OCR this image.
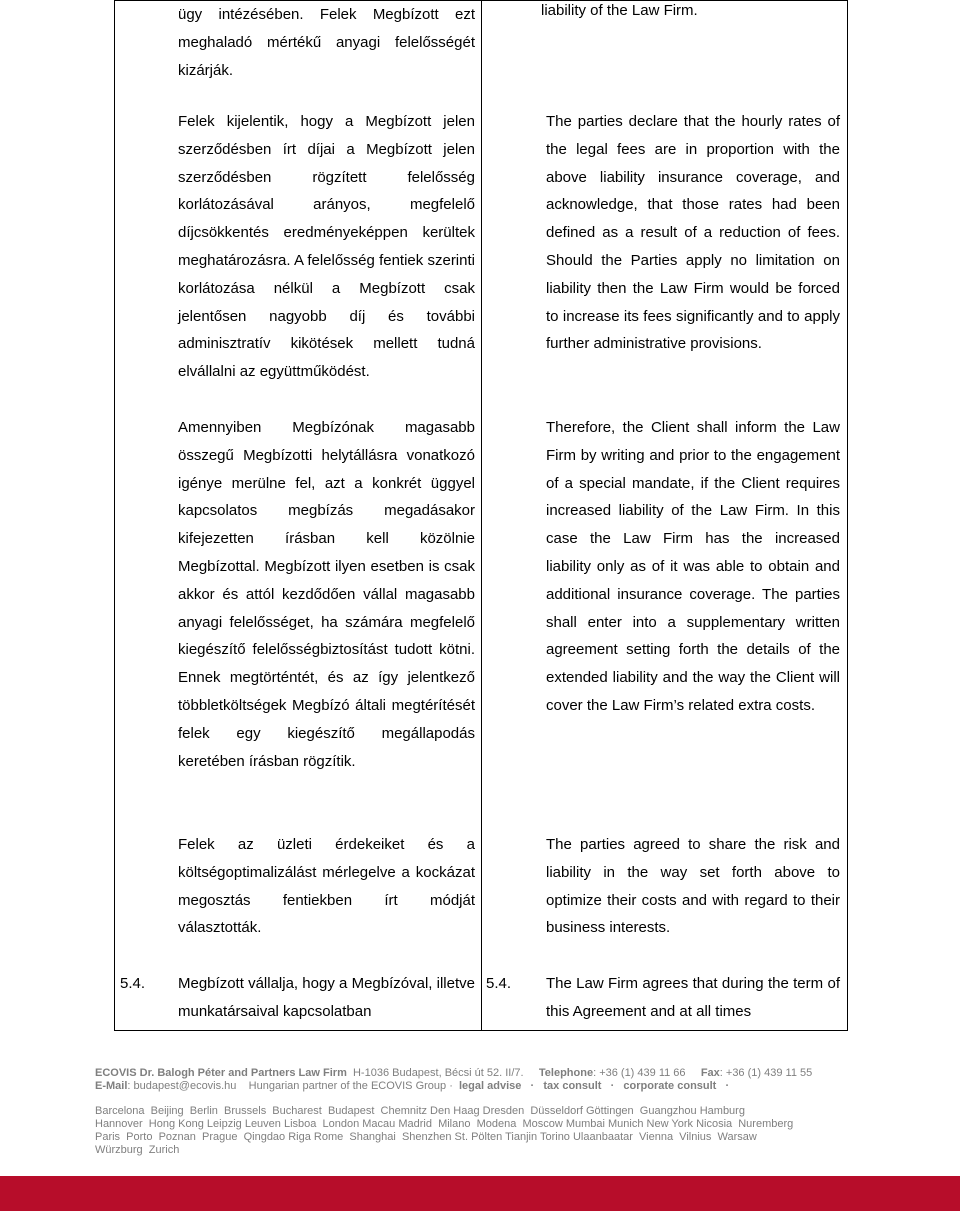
ügy intézésében. Felek Megbízott ezt meghaladó mértékű anyagi felelősségét kizárják.

Felek kijelentik, hogy a Megbízott jelen szerződésben írt díjai a Megbízott jelen szerződésben rögzített felelősség korlátozásával arányos, megfelelő díjcsökkentés eredményeképpen kerültek meghatározásra. A felelősség fentiek szerinti korlátozása nélkül a Megbízott csak jelentősen nagyobb díj és további adminisztratív kikötések mellett tudná elvállalni az együttműködést.

Amennyiben Megbízónak magasabb összegű Megbízotti helytállásra vonatkozó igénye merülne fel, azt a konkrét üggyel kapcsolatos megbízás megadásakor kifejezetten írásban kell közölnie Megbízottal. Megbízott ilyen esetben is csak akkor és attól kezdődően vállal magasabb anyagi felelősséget, ha számára megfelelő kiegészítő felelősségbiztosítást tudott kötni. Ennek megtörténtét, és az így jelentkező többletköltségek Megbízó általi megtérítését felek egy kiegészítő megállapodás keretében írásban rögzítik.

Felek az üzleti érdekeiket és a költségoptimalizálást mérlegelve a kockázat megosztás fentiekben írt módját választották.

5.4. Megbízott vállalja, hogy a Megbízóval, illetve munkatársaival kapcsolatban

liability of the Law Firm.

The parties declare that the hourly rates of the legal fees are in proportion with the above liability insurance coverage, and acknowledge, that those rates had been defined as a result of a reduction of fees. Should the Parties apply no limitation on liability then the Law Firm would be forced to increase its fees significantly and to apply further administrative provisions.

Therefore, the Client shall inform the Law Firm by writing and prior to the engagement of a special mandate, if the Client requires increased liability of the Law Firm. In this case the Law Firm has the increased liability only as of it was able to obtain and additional insurance coverage. The parties shall enter into a supplementary written agreement setting forth the details of the extended liability and the way the Client will cover the Law Firm’s related extra costs.

The parties agreed to share the risk and liability in the way set forth above to optimize their costs and with regard to their business interests.

5.4. The Law Firm agrees that during the term of this Agreement and at all times

ECOVIS Dr. Balogh Péter and Partners Law Firm H-1036 Budapest, Bécsi út 52. II/7. Telephone: +36 (1) 439 11 66 Fax: +36 (1) 439 11 55
E-Mail: budapest@ecovis.hu Hungarian partner of the ECOVIS Group · legal advise   ·   tax consult   ·   corporate consult   ·
Barcelona  Beijing  Berlin  Brussels  Bucharest  Budapest  Chemnitz Den Haag Dresden  Düsseldorf Göttingen  Guangzhou Hamburg
Hannover  Hong Kong Leipzig Leuven Lisboa  London Macau Madrid  Milano  Modena  Moscow Mumbai Munich New York Nicosia  Nuremberg
Paris  Porto  Poznan  Prague  Qingdao Riga Rome  Shanghai  Shenzhen St. Pölten Tianjin Torino Ulaanbaatar  Vienna  Vilnius  Warsaw
Würzburg  Zurich
